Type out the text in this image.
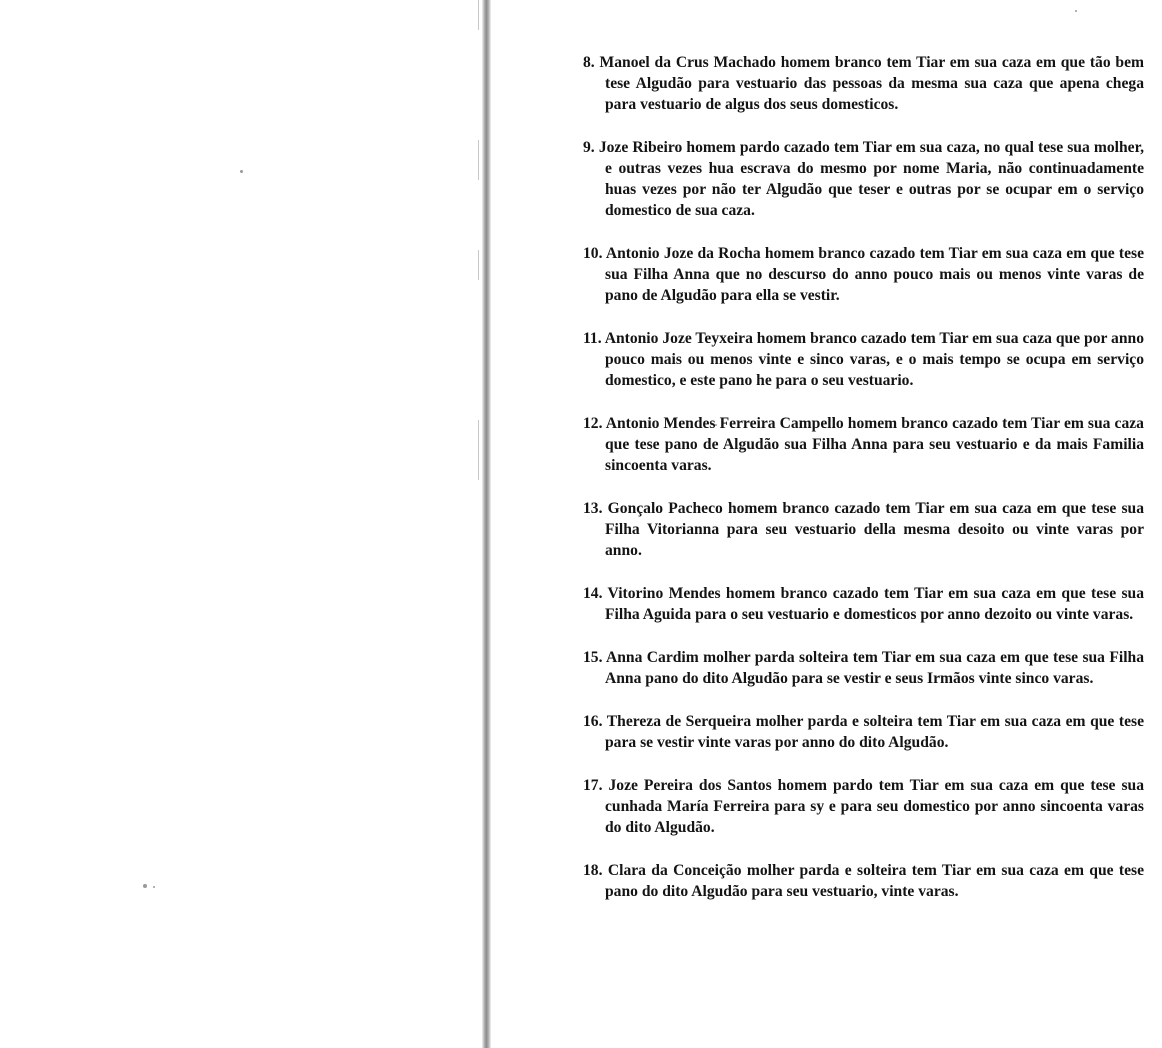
8. Manoel da Crus Machado homem branco tem Tiar em sua caza em que tão bem tese Algudão para vestuario das pessoas da mesma sua caza que apena chega para vestuario de algus dos seus domesticos.
9. Joze Ribeiro homem pardo cazado tem Tiar em sua caza, no qual tese sua molher, e outras vezes hua escrava do mesmo por nome Maria, não continuadamente huas vezes por não ter Algudão que teser e outras por se ocupar em o serviço domestico de sua caza.
10. Antonio Joze da Rocha homem branco cazado tem Tiar em sua caza em que tese sua Filha Anna que no descurso do anno pouco mais ou menos vinte varas de pano de Algudão para ella se vestir.
11. Antonio Joze Teyxeira homem branco cazado tem Tiar em sua caza que por anno pouco mais ou menos vinte e sinco varas, e o mais tempo se ocupa em serviço domestico, e este pano he para o seu vestuario.
12. Antonio Mendes Ferreira Campello homem branco cazado tem Tiar em sua caza que tese pano de Algudão sua Filha Anna para seu vestuario e da mais Familia sincoenta varas.
13. Gonçalo Pacheco homem branco cazado tem Tiar em sua caza em que tese sua Filha Vitorianna para seu vestuario della mesma desoito ou vinte varas por anno.
14. Vitorino Mendes homem branco cazado tem Tiar em sua caza em que tese sua Filha Aguida para o seu vestuario e domesticos por anno dezoito ou vinte varas.
15. Anna Cardim molher parda solteira tem Tiar em sua caza em que tese sua Filha Anna pano do dito Algudão para se vestir e seus Irmãos vinte sinco varas.
16. Thereza de Serqueira molher parda e solteira tem Tiar em sua caza em que tese para se vestir vinte varas por anno do dito Algudão.
17. Joze Pereira dos Santos homem pardo tem Tiar em sua caza em que tese sua cunhada María Ferreira para sy e para seu domestico por anno sincoenta varas do dito Algudão.
18. Clara da Conceição molher parda e solteira tem Tiar em sua caza em que tese pano do dito Algudão para seu vestuario, vinte varas.
